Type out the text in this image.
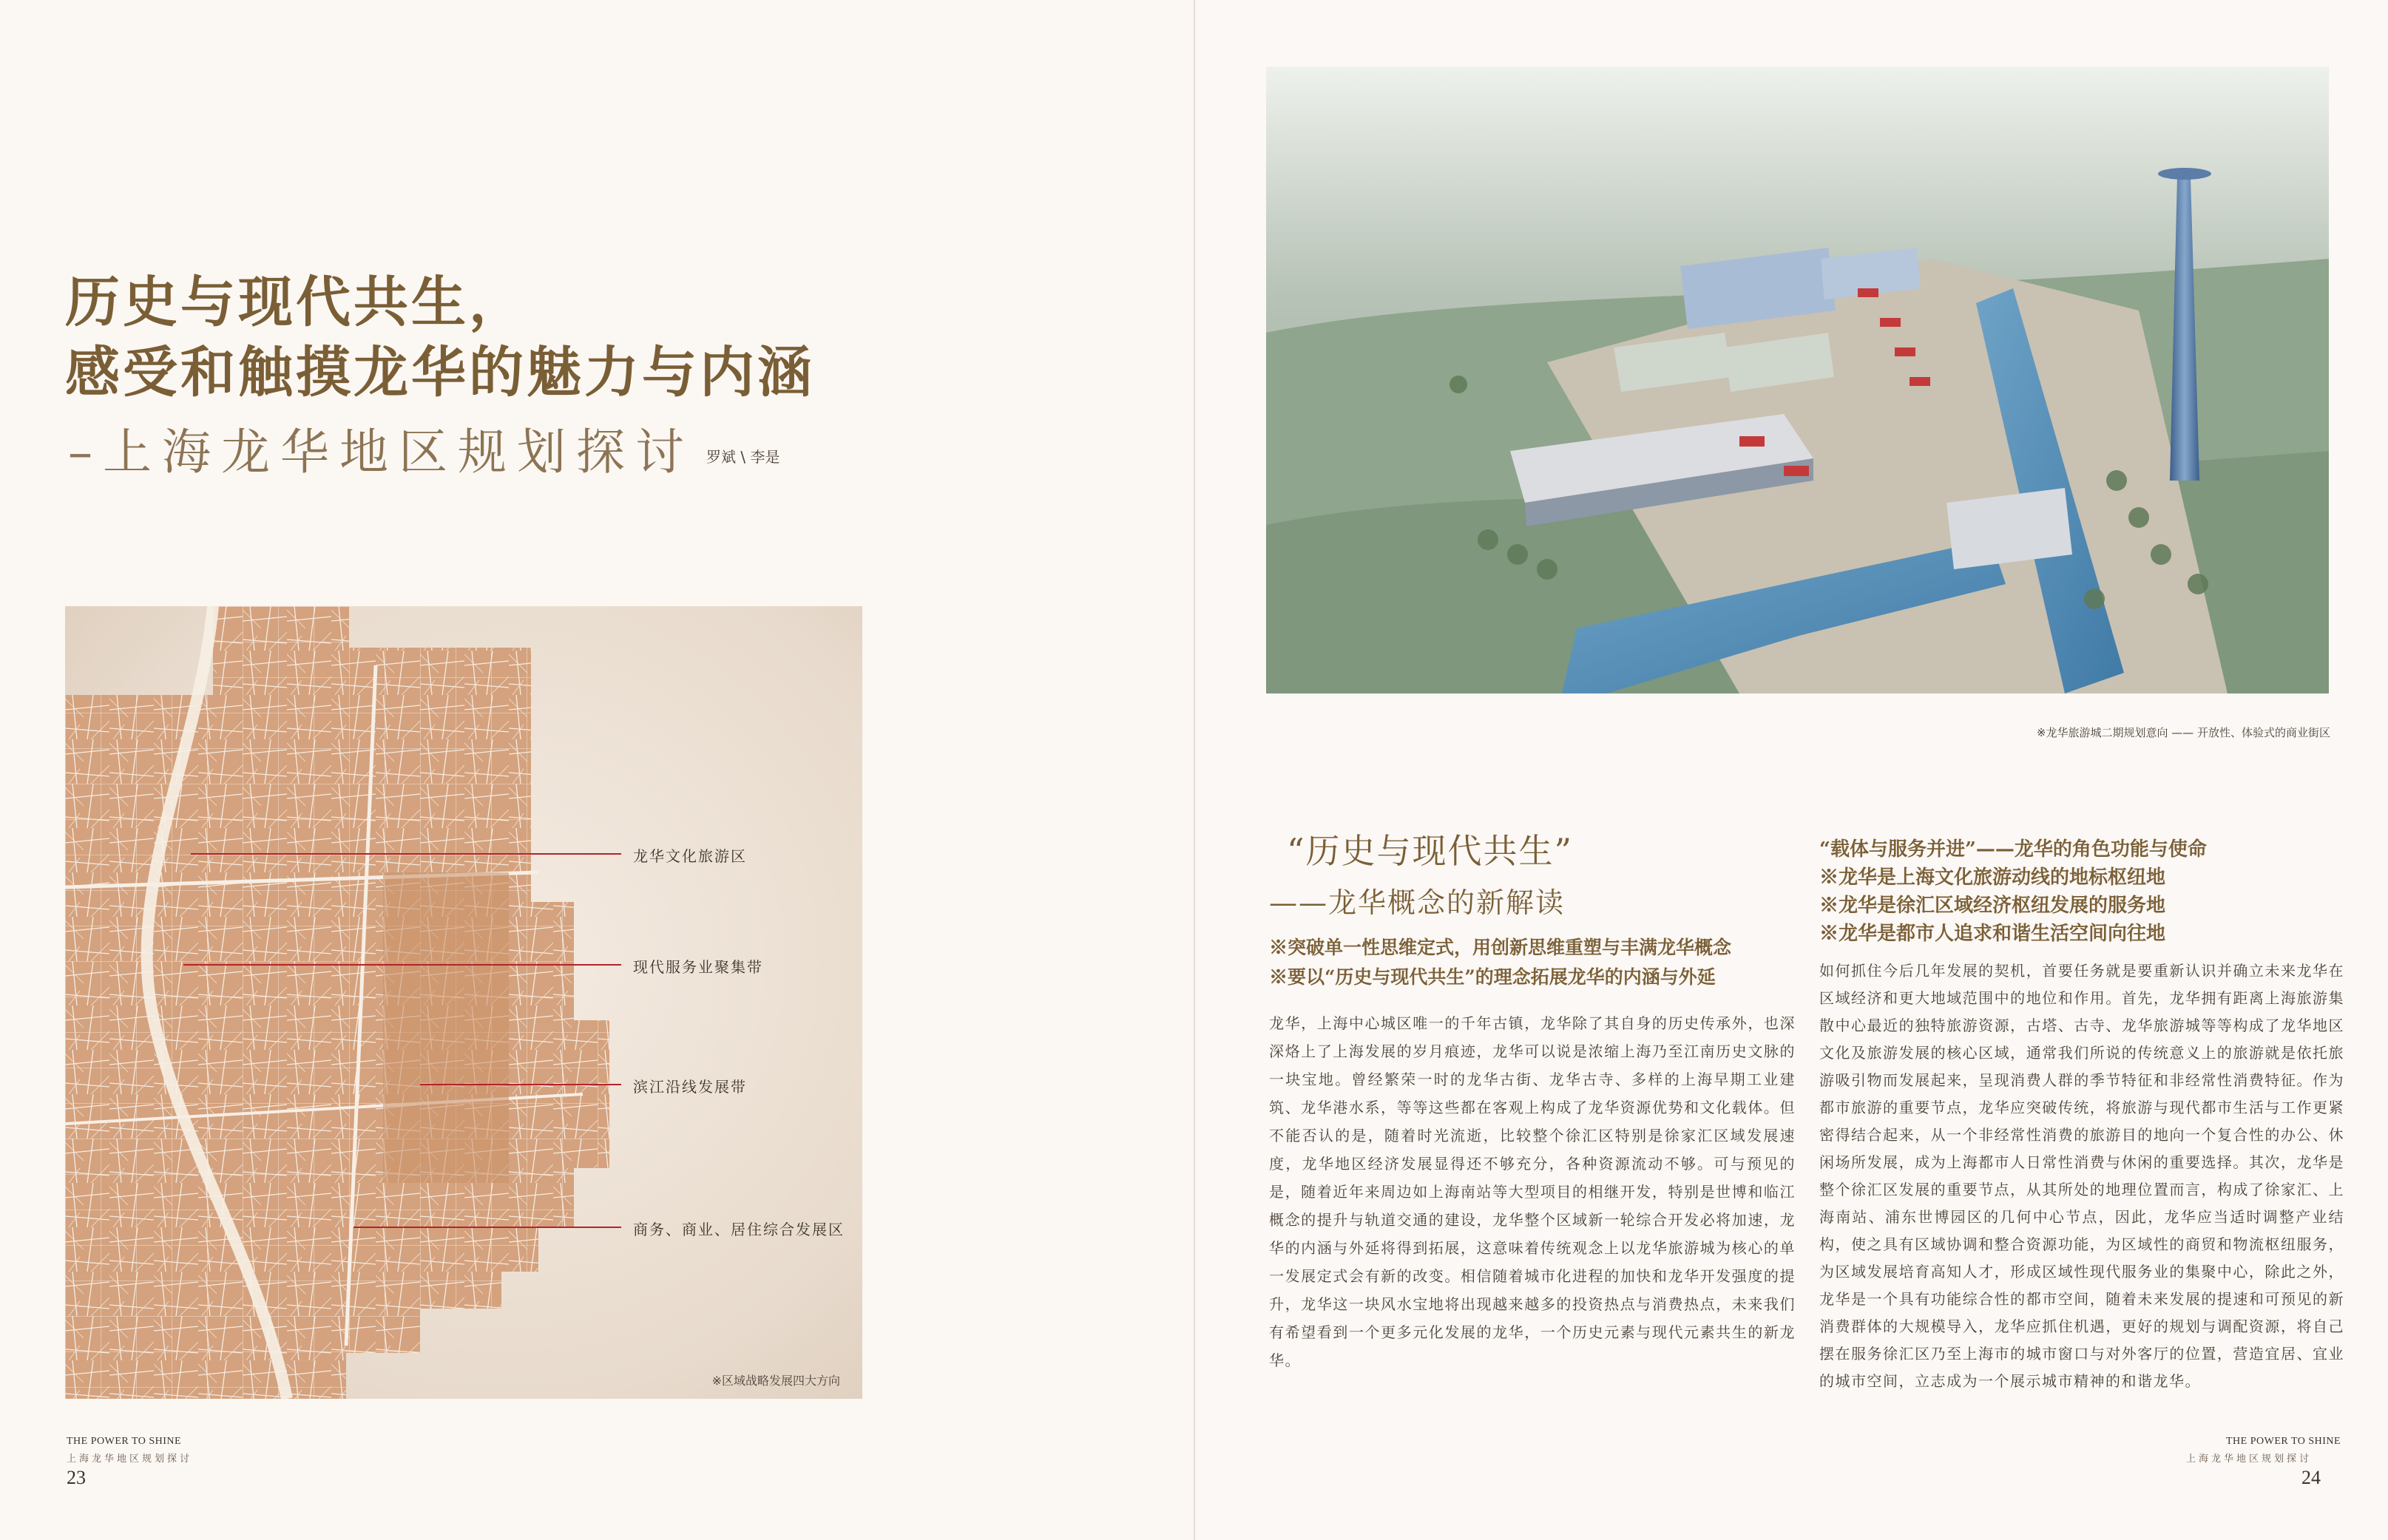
历史与现代共生，
感受和触摸龙华的魅力与内涵
–上海龙华地区规划探讨 罗斌 \ 李是
龙华文化旅游区
现代服务业聚集带
滨江沿线发展带
商务、商业、居住综合发展区
※区域战略发展四大方向
THE POWER TO SHINE
上海龙华地区规划探讨
23
※龙华旅游城二期规划意向 —— 开放性、体验式的商业街区
“历史与现代共生”
——龙华概念的新解读
※突破单一性思维定式，用创新思维重塑与丰满龙华概念
※要以“历史与现代共生”的理念拓展龙华的内涵与外延
龙华，上海中心城区唯一的千年古镇，龙华除了其自身的历史传承外，也深深烙上了上海发展的岁月痕迹，龙华可以说是浓缩上海乃至江南历史文脉的一块宝地。曾经繁荣一时的龙华古街、龙华古寺、多样的上海早期工业建筑、龙华港水系，等等这些都在客观上构成了龙华资源优势和文化载体。但不能否认的是，随着时光流逝，比较整个徐汇区特别是徐家汇区域发展速度，龙华地区经济发展显得还不够充分，各种资源流动不够。可与预见的是，随着近年来周边如上海南站等大型项目的相继开发，特别是世博和临江概念的提升与轨道交通的建设，龙华整个区域新一轮综合开发必将加速，龙华的内涵与外延将得到拓展，这意味着传统观念上以龙华旅游城为核心的单一发展定式会有新的改变。相信随着城市化进程的加快和龙华开发强度的提升，龙华这一块风水宝地将出现越来越多的投资热点与消费热点，未来我们有希望看到一个更多元化发展的龙华，一个历史元素与现代元素共生的新龙华。
“载体与服务并进”——龙华的角色功能与使命
※龙华是上海文化旅游动线的地标枢纽地
※龙华是徐汇区域经济枢纽发展的服务地
※龙华是都市人追求和谐生活空间向往地
如何抓住今后几年发展的契机，首要任务就是要重新认识并确立未来龙华在区域经济和更大地域范围中的地位和作用。首先，龙华拥有距离上海旅游集散中心最近的独特旅游资源，古塔、古寺、龙华旅游城等等构成了龙华地区文化及旅游发展的核心区域，通常我们所说的传统意义上的旅游就是依托旅游吸引物而发展起来，呈现消费人群的季节特征和非经常性消费特征。作为都市旅游的重要节点，龙华应突破传统，将旅游与现代都市生活与工作更紧密得结合起来，从一个非经常性消费的旅游目的地向一个复合性的办公、休闲场所发展，成为上海都市人日常性消费与休闲的重要选择。其次，龙华是整个徐汇区发展的重要节点，从其所处的地理位置而言，构成了徐家汇、上海南站、浦东世博园区的几何中心节点，因此，龙华应当适时调整产业结构，使之具有区域协调和整合资源功能，为区域性的商贸和物流枢纽服务，为区域发展培育高知人才，形成区域性现代服务业的集聚中心，除此之外，龙华是一个具有功能综合性的都市空间，随着未来发展的提速和可预见的新消费群体的大规模导入，龙华应抓住机遇，更好的规划与调配资源，将自己摆在服务徐汇区乃至上海市的城市窗口与对外客厅的位置，营造宜居、宜业的城市空间，立志成为一个展示城市精神的和谐龙华。
THE POWER TO SHINE
上海龙华地区规划探讨
24
